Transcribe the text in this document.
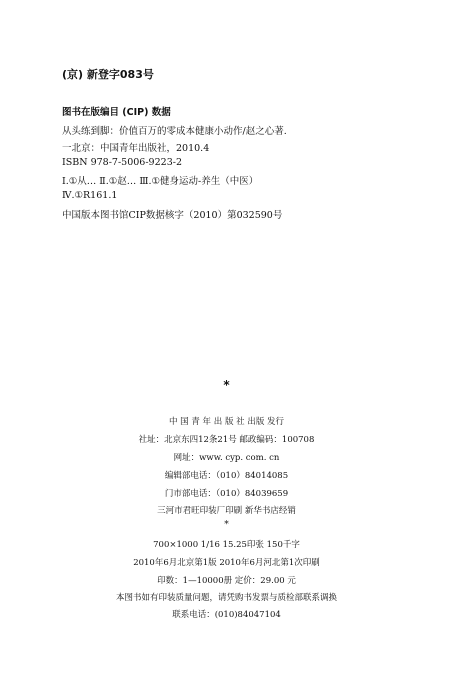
(京) 新登字083号
图书在版编目 (CIP) 数据
从头练到脚：价值百万的零成本健康小动作/赵之心著.
一北京：中国青年出版社，2010.4
ISBN 978-7-5006-9223-2
Ⅰ.①从… Ⅱ.①赵… Ⅲ.①健身运动-养生（中医）
Ⅳ.①R161.1
中国版本图书馆CIP数据核字（2010）第032590号
*
中 国 青 年 出 版 社 出版 发行
社址：北京东四12条21号 邮政编码：100708
网址：www. cyp. com. cn
编辑部电话：（010）84014085
门市部电话：（010）84039659
三河市君旺印装厂印刷 新华书店经销
*
700×1000 1/16 15.25印张 150千字
2010年6月北京第1版 2010年6月河北第1次印刷
印数：1—10000册 定价：29.00 元
本图书如有印装质量问题，请凭购书发票与质检部联系调换
联系电话：(010)84047104
